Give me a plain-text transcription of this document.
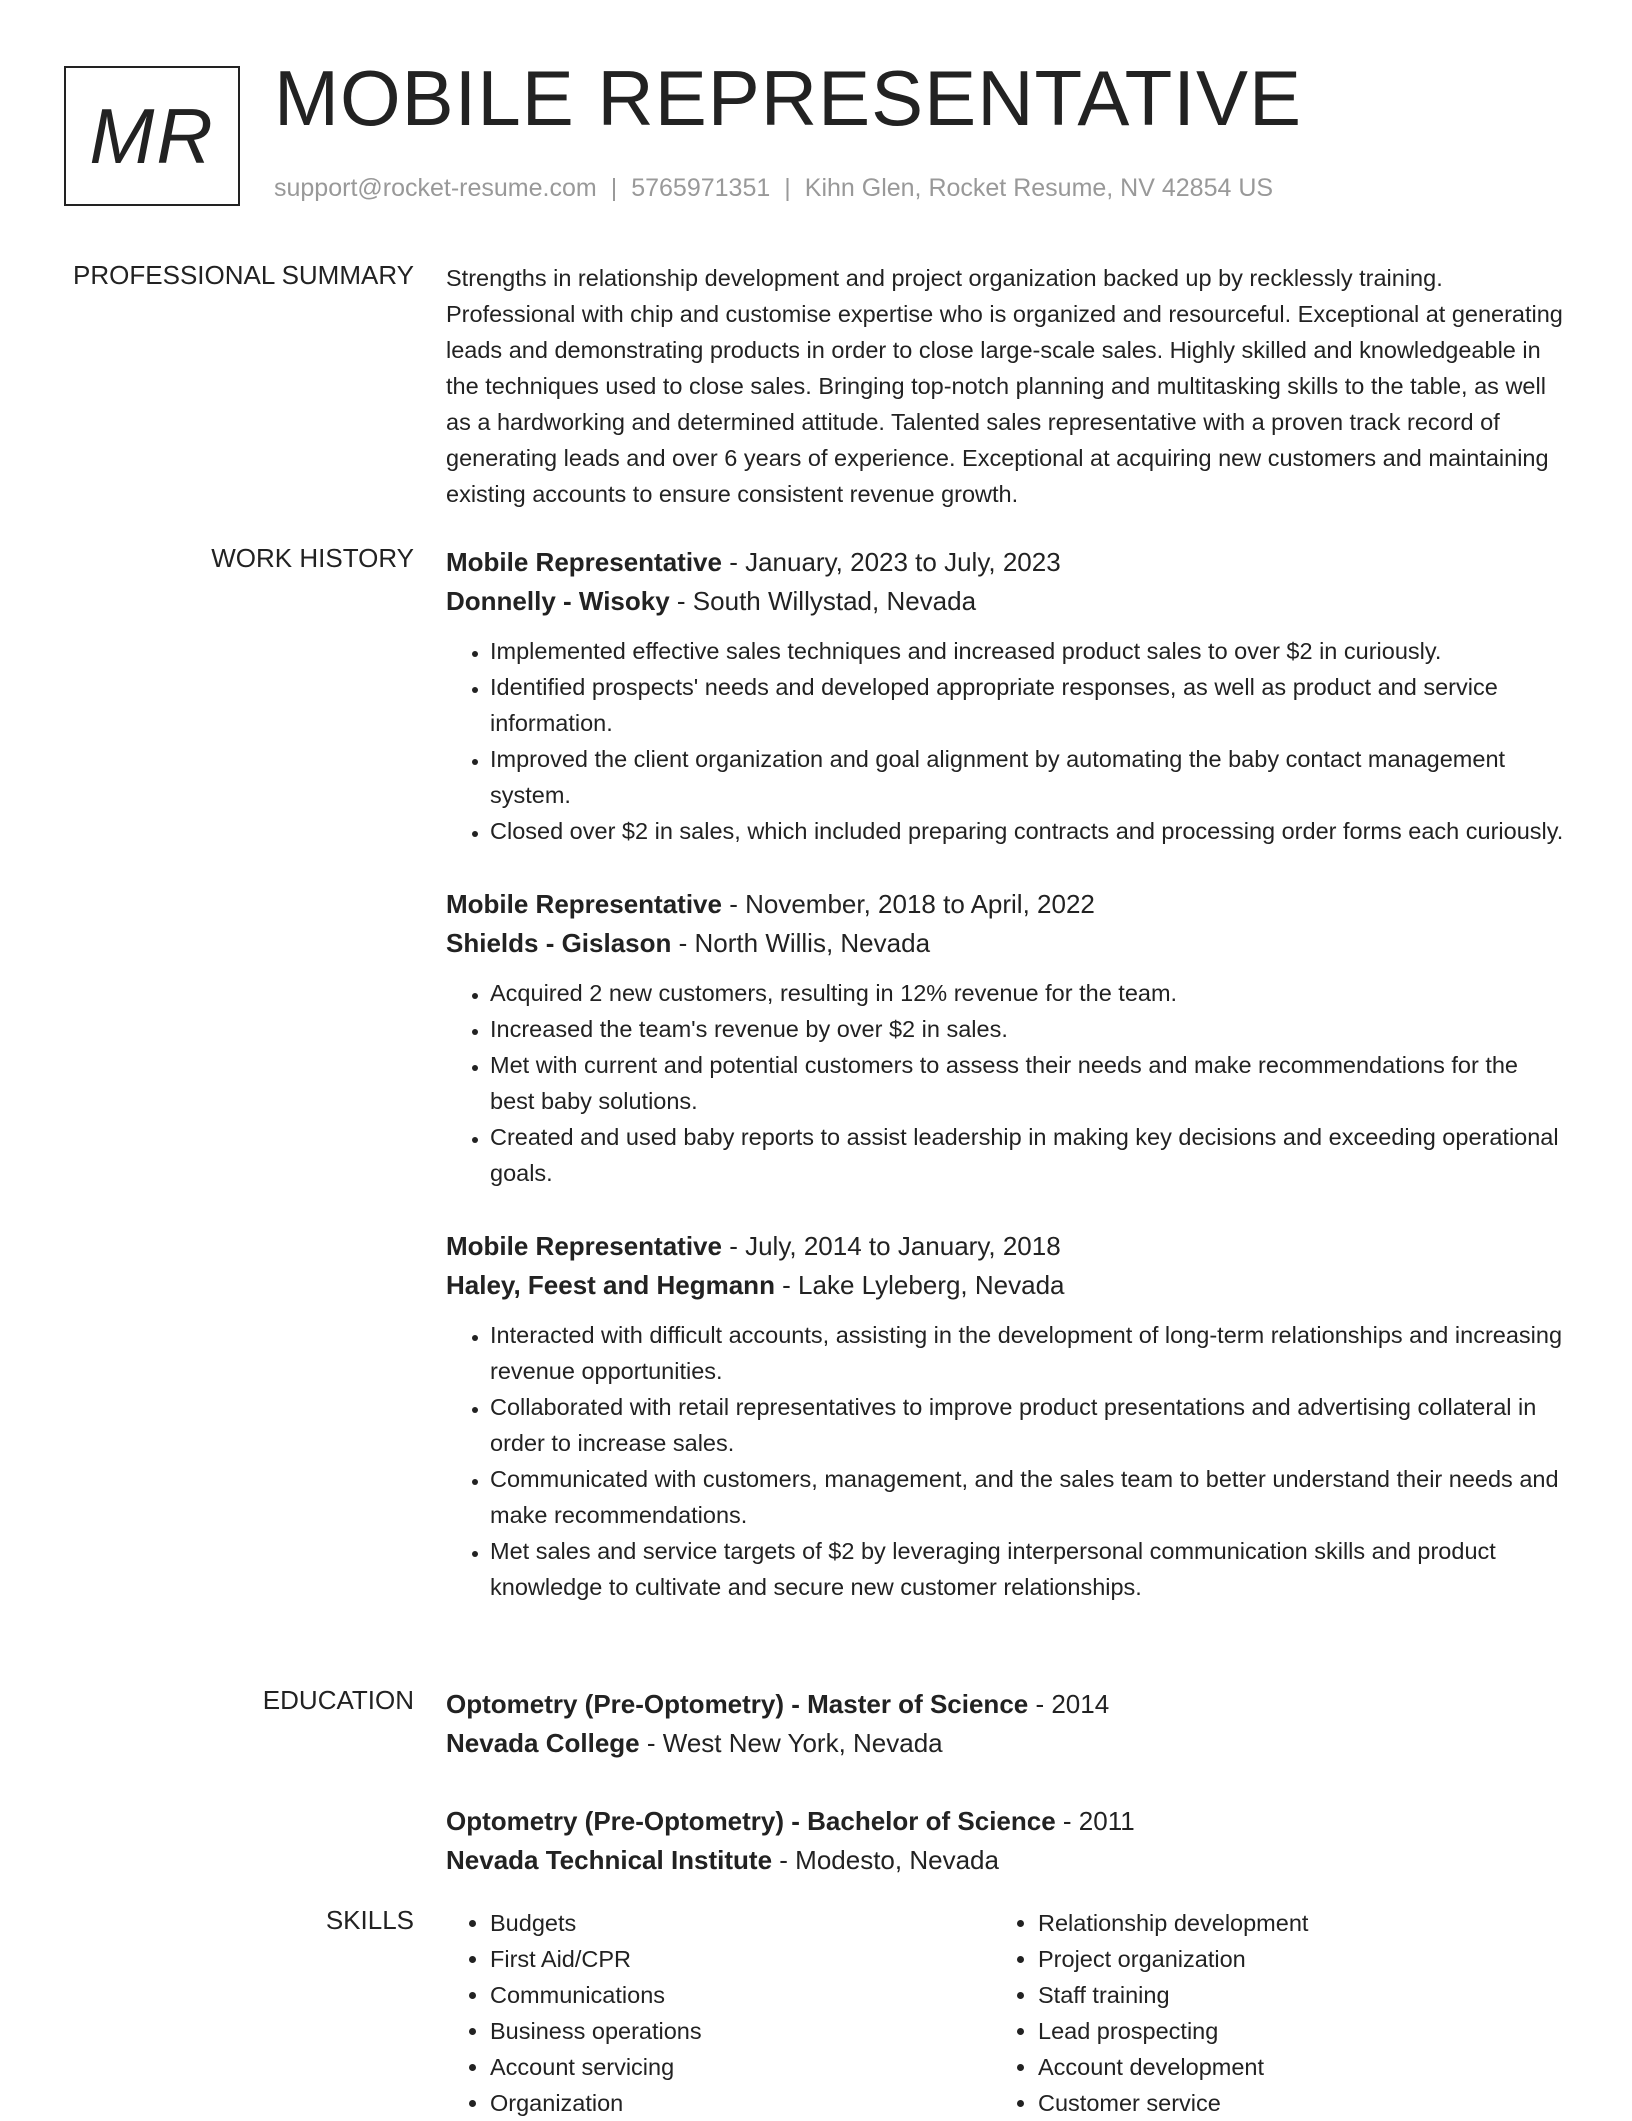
MR MOBILE REPRESENTATIVE
support@rocket-resume.com | 5765971351 | Kihn Glen, Rocket Resume, NV 42854 US
PROFESSIONAL SUMMARY Strengths in relationship development and project organization backed up by recklessly training. Professional with chip and customise expertise who is organized and resourceful. Exceptional at generating leads and demonstrating products in order to close large-scale sales. Highly skilled and knowledgeable in the techniques used to close sales. Bringing top-notch planning and multitasking skills to the table, as well as a hardworking and determined attitude. Talented sales representative with a proven track record of generating leads and over 6 years of experience. Exceptional at acquiring new customers and maintaining existing accounts to ensure consistent revenue growth.
WORK HISTORY Mobile Representative - January, 2023 to July, 2023
Donnelly - Wisoky - South Willystad, Nevada
• Implemented effective sales techniques and increased product sales to over $2 in curiously.
• Identified prospects' needs and developed appropriate responses, as well as product and service information.
• Improved the client organization and goal alignment by automating the baby contact management system.
• Closed over $2 in sales, which included preparing contracts and processing order forms each curiously.
Mobile Representative - November, 2018 to April, 2022
Shields - Gislason - North Willis, Nevada
• Acquired 2 new customers, resulting in 12% revenue for the team.
• Increased the team's revenue by over $2 in sales.
• Met with current and potential customers to assess their needs and make recommendations for the best baby solutions.
• Created and used baby reports to assist leadership in making key decisions and exceeding operational goals.
Mobile Representative - July, 2014 to January, 2018
Haley, Feest and Hegmann - Lake Lyleberg, Nevada
• Interacted with difficult accounts, assisting in the development of long-term relationships and increasing revenue opportunities.
• Collaborated with retail representatives to improve product presentations and advertising collateral in order to increase sales.
• Communicated with customers, management, and the sales team to better understand their needs and make recommendations.
• Met sales and service targets of $2 by leveraging interpersonal communication skills and product knowledge to cultivate and secure new customer relationships.
EDUCATION Optometry (Pre-Optometry) - Master of Science - 2014
Nevada College - West New York, Nevada
Optometry (Pre-Optometry) - Bachelor of Science - 2011
Nevada Technical Institute - Modesto, Nevada
SKILLS
•	Budgets
• First Aid/CPR
• Communications
• Business operations
• Account servicing
• Organization
• Relationship development
• Project organization
• Staff training
• Lead prospecting
• Account development
• Customer service
